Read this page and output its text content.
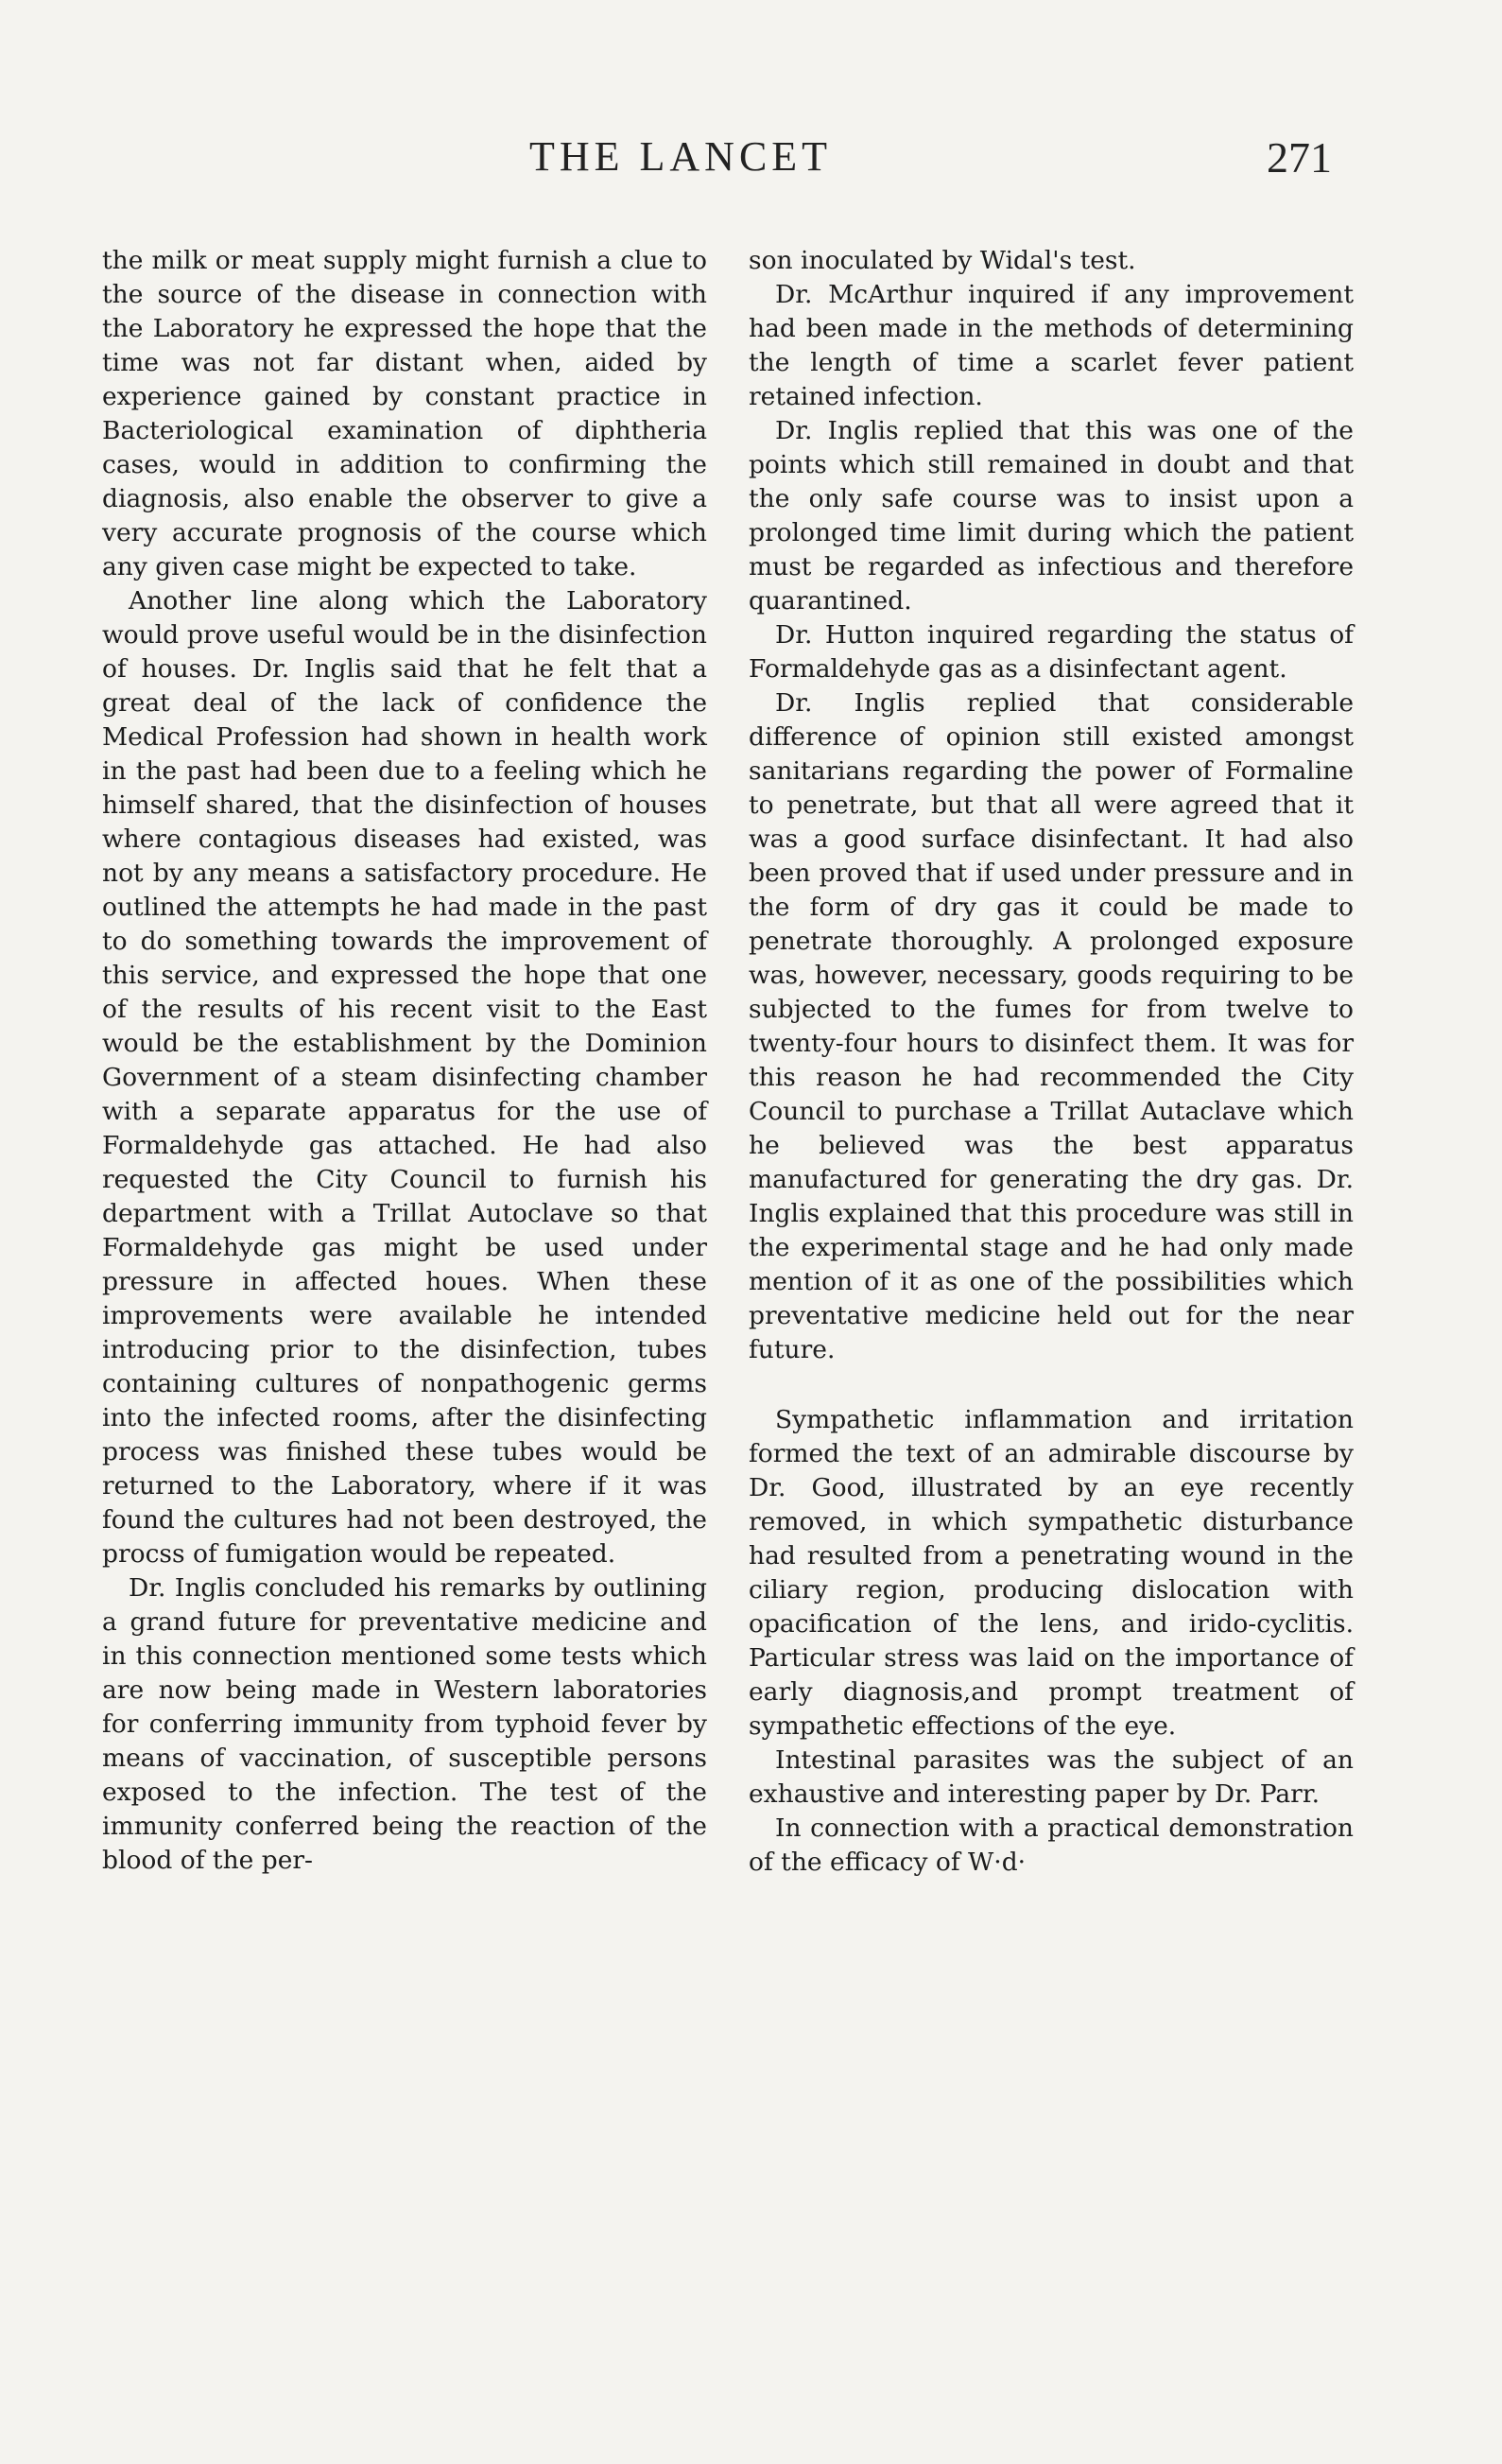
THE LANCET	271

the milk or meat supply might furnish a clue to the source of the disease in connection with the Laboratory he expressed the hope that the time was not far distant when, aided by experience gained by constant practice in Bacteriological examination of diphtheria cases, would in addition to confirming the diagnosis, also enable the observer to give a very accurate prognosis of the course which any given case might be expected to take.

Another line along which the Laboratory would prove useful would be in the disinfection of houses. Dr. Inglis said that he felt that a great deal of the lack of confidence the Medical Profession had shown in health work in the past had been due to a feeling which he himself shared, that the disinfection of houses where contagious diseases had existed, was not by any means a satisfactory procedure. He outlined the attempts he had made in the past to do something towards the improvement of this service, and expressed the hope that one of the results of his recent visit to the East would be the establishment by the Dominion Government of a steam disinfecting chamber with a separate apparatus for the use of Formaldehyde gas attached. He had also requested the City Council to furnish his department with a Trillat Autoclave so that Formaldehyde gas might be used under pressure in affected houes. When these improvements were available he intended introducing prior to the disinfection, tubes containing cultures of nonpathogenic germs into the infected rooms, after the disinfecting process was finished these tubes would be returned to the Laboratory, where if it was found the cultures had not been destroyed, the procss of fumigation would be repeated.

Dr. Inglis concluded his remarks by outlining a grand future for preventative medicine and in this connection mentioned some tests which are now being made in Western laboratories for conferring immunity from typhoid fever by means of vaccination, of susceptible persons exposed to the infection. The test of the immunity conferred being the reaction of the blood of the per-

son inoculated by Widal's test.

Dr. McArthur inquired if any improvement had been made in the methods of determining the length of time a scarlet fever patient retained infection.

Dr. Inglis replied that this was one of the points which still remained in doubt and that the only safe course was to insist upon a prolonged time limit during which the patient must be regarded as infectious and therefore quarantined.

Dr. Hutton inquired regarding the status of Formaldehyde gas as a disinfectant agent.

Dr. Inglis replied that considerable difference of opinion still existed amongst sanitarians regarding the power of Formaline to penetrate, but that all were agreed that it was a good surface disinfectant. It had also been proved that if used under pressure and in the form of dry gas it could be made to penetrate thoroughly. A prolonged exposure was, however, necessary, goods requiring to be subjected to the fumes for from twelve to twenty-four hours to disinfect them. It was for this reason he had recommended the City Council to purchase a Trillat Autaclave which he believed was the best apparatus manufactured for generating the dry gas. Dr. Inglis explained that this procedure was still in the experimental stage and he had only made mention of it as one of the possibilities which preventative medicine held out for the near future.

Sympathetic inflammation and irritation formed the text of an admirable discourse by Dr. Good, illustrated by an eye recently removed, in which sympathetic disturbance had resulted from a penetrating wound in the ciliary region, producing dislocation with opacification of the lens, and irido-cyclitis. Particular stress was laid on the importance of early diagnosis,and prompt treatment of sympathetic effections of the eye.

Intestinal parasites was the subject of an exhaustive and interesting paper by Dr. Parr.

In connection with a practical demonstration of the efficacy of W·d·
